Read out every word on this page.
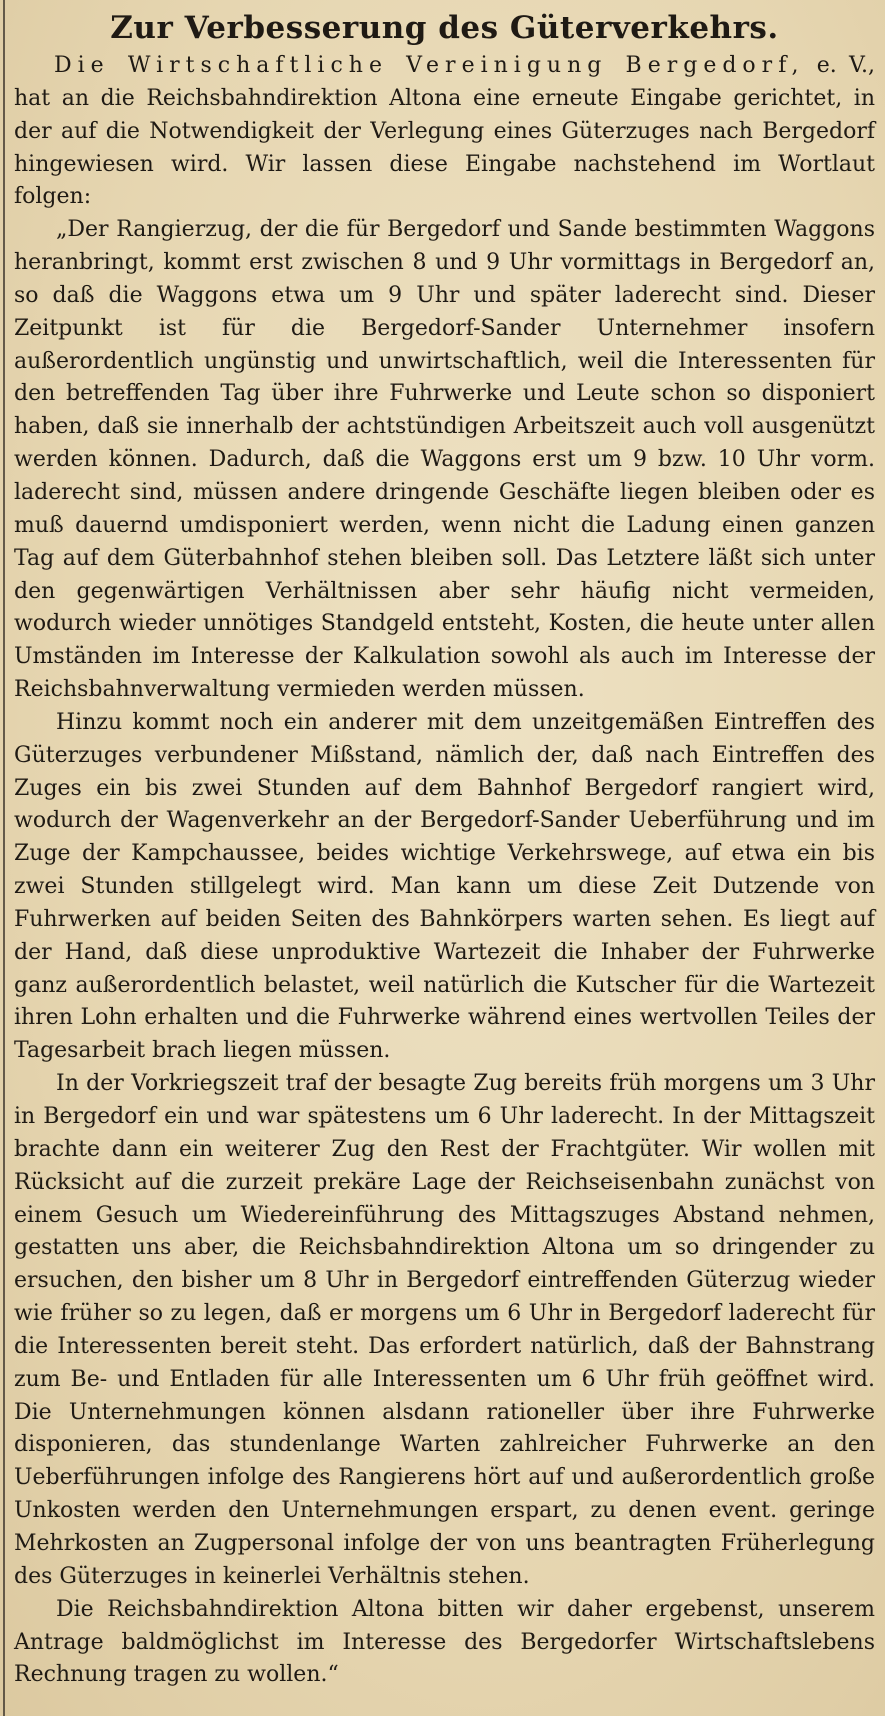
Zur Verbesserung des Güterverkehrs.

Die Wirtschaftliche Vereinigung Bergedorf, e. V., hat an die Reichsbahndirektion Altona eine erneute Eingabe gerichtet, in der auf die Notwendigkeit der Verlegung eines Güterzuges nach Bergedorf hingewiesen wird. Wir lassen diese Eingabe nachstehend im Wortlaut folgen:

„Der Rangierzug, der die für Bergedorf und Sande bestimmten Waggons heranbringt, kommt erst zwischen 8 und 9 Uhr vormittags in Bergedorf an, so daß die Waggons etwa um 9 Uhr und später laderecht sind. Dieser Zeitpunkt ist für die Bergedorf-Sander Unternehmer insofern außerordentlich ungünstig und unwirtschaftlich, weil die Interessenten für den betreffenden Tag über ihre Fuhrwerke und Leute schon so disponiert haben, daß sie innerhalb der achtstündigen Arbeitszeit auch voll ausgenützt werden können. Dadurch, daß die Waggons erst um 9 bzw. 10 Uhr vorm. laderecht sind, müssen andere dringende Geschäfte liegen bleiben oder es muß dauernd umdisponiert werden, wenn nicht die Ladung einen ganzen Tag auf dem Güterbahnhof stehen bleiben soll. Das Letztere läßt sich unter den gegenwärtigen Verhältnissen aber sehr häufig nicht vermeiden, wodurch wieder unnötiges Standgeld entsteht, Kosten, die heute unter allen Umständen im Interesse der Kalkulation sowohl als auch im Interesse der Reichsbahnverwaltung vermieden werden müssen.

Hinzu kommt noch ein anderer mit dem unzeitgemäßen Eintreffen des Güterzuges verbundener Mißstand, nämlich der, daß nach Eintreffen des Zuges ein bis zwei Stunden auf dem Bahnhof Bergedorf rangiert wird, wodurch der Wagenverkehr an der Bergedorf-Sander Ueberführung und im Zuge der Kampchaussee, beides wichtige Verkehrswege, auf etwa ein bis zwei Stunden stillgelegt wird. Man kann um diese Zeit Dutzende von Fuhrwerken auf beiden Seiten des Bahnkörpers warten sehen. Es liegt auf der Hand, daß diese unproduktive Wartezeit die Inhaber der Fuhrwerke ganz außerordentlich belastet, weil natürlich die Kutscher für die Wartezeit ihren Lohn erhalten und die Fuhrwerke während eines wertvollen Teiles der Tagesarbeit brach liegen müssen.

In der Vorkriegszeit traf der besagte Zug bereits früh morgens um 3 Uhr in Bergedorf ein und war spätestens um 6 Uhr laderecht. In der Mittagszeit brachte dann ein weiterer Zug den Rest der Frachtgüter. Wir wollen mit Rücksicht auf die zurzeit prekäre Lage der Reichseisenbahn zunächst von einem Gesuch um Wiedereinführung des Mittagszuges Abstand nehmen, gestatten uns aber, die Reichsbahndirektion Altona um so dringender zu ersuchen, den bisher um 8 Uhr in Bergedorf eintreffenden Güterzug wieder wie früher so zu legen, daß er morgens um 6 Uhr in Bergedorf laderecht für die Interessenten bereit steht. Das erfordert natürlich, daß der Bahnstrang zum Be- und Entladen für alle Interessenten um 6 Uhr früh geöffnet wird. Die Unternehmungen können alsdann rationeller über ihre Fuhrwerke disponieren, das stundenlange Warten zahlreicher Fuhrwerke an den Ueberführungen infolge des Rangierens hört auf und außerordentlich große Unkosten werden den Unternehmungen erspart, zu denen event. geringe Mehrkosten an Zugpersonal infolge der von uns beantragten Früherlegung des Güterzuges in keinerlei Verhältnis stehen.

Die Reichsbahndirektion Altona bitten wir daher ergebenst, unserem Antrage baldmöglichst im Interesse des Bergedorfer Wirtschaftslebens Rechnung tragen zu wollen.“
